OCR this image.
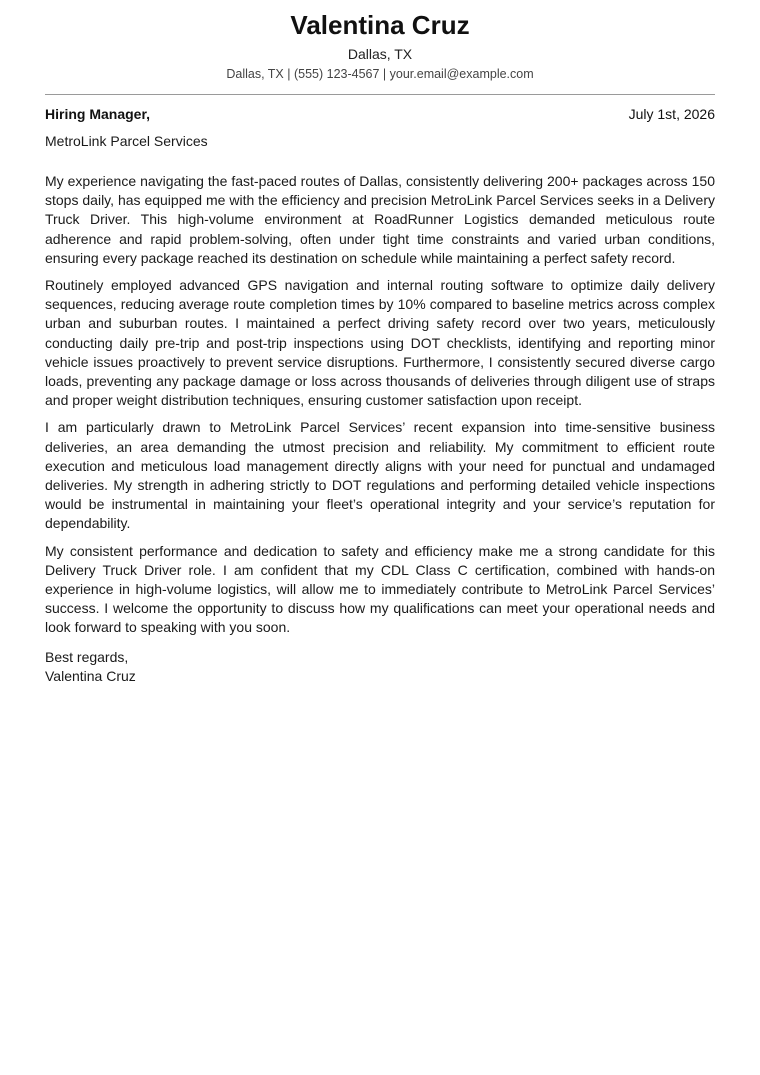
Valentina Cruz
Dallas, TX
Dallas, TX | (555) 123-4567 | your.email@example.com
Hiring Manager,	July 1st, 2026
MetroLink Parcel Services

My experience navigating the fast-paced routes of Dallas, consistently delivering 200+ packages across 150 stops daily, has equipped me with the efficiency and precision MetroLink Parcel Services seeks in a Delivery Truck Driver. This high-volume environment at RoadRunner Logistics demanded meticulous route adherence and rapid problem-solving, often under tight time constraints and varied urban conditions, ensuring every package reached its destination on schedule while maintaining a perfect safety record.

Routinely employed advanced GPS navigation and internal routing software to optimize daily delivery sequences, reducing average route completion times by 10% compared to baseline metrics across complex urban and suburban routes. I maintained a perfect driving safety record over two years, meticulously conducting daily pre-trip and post-trip inspections using DOT checklists, identifying and reporting minor vehicle issues proactively to prevent service disruptions. Furthermore, I consistently secured diverse cargo loads, preventing any package damage or loss across thousands of deliveries through diligent use of straps and proper weight distribution techniques, ensuring customer satisfaction upon receipt.

I am particularly drawn to MetroLink Parcel Services’ recent expansion into time-sensitive business deliveries, an area demanding the utmost precision and reliability. My commitment to efficient route execution and meticulous load management directly aligns with your need for punctual and undamaged deliveries. My strength in adhering strictly to DOT regulations and performing detailed vehicle inspections would be instrumental in maintaining your fleet’s operational integrity and your service’s reputation for dependability.

My consistent performance and dedication to safety and efficiency make me a strong candidate for this Delivery Truck Driver role. I am confident that my CDL Class C certification, combined with hands-on experience in high-volume logistics, will allow me to immediately contribute to MetroLink Parcel Services’ success. I welcome the opportunity to discuss how my qualifications can meet your operational needs and look forward to speaking with you soon.

Best regards,
Valentina Cruz
